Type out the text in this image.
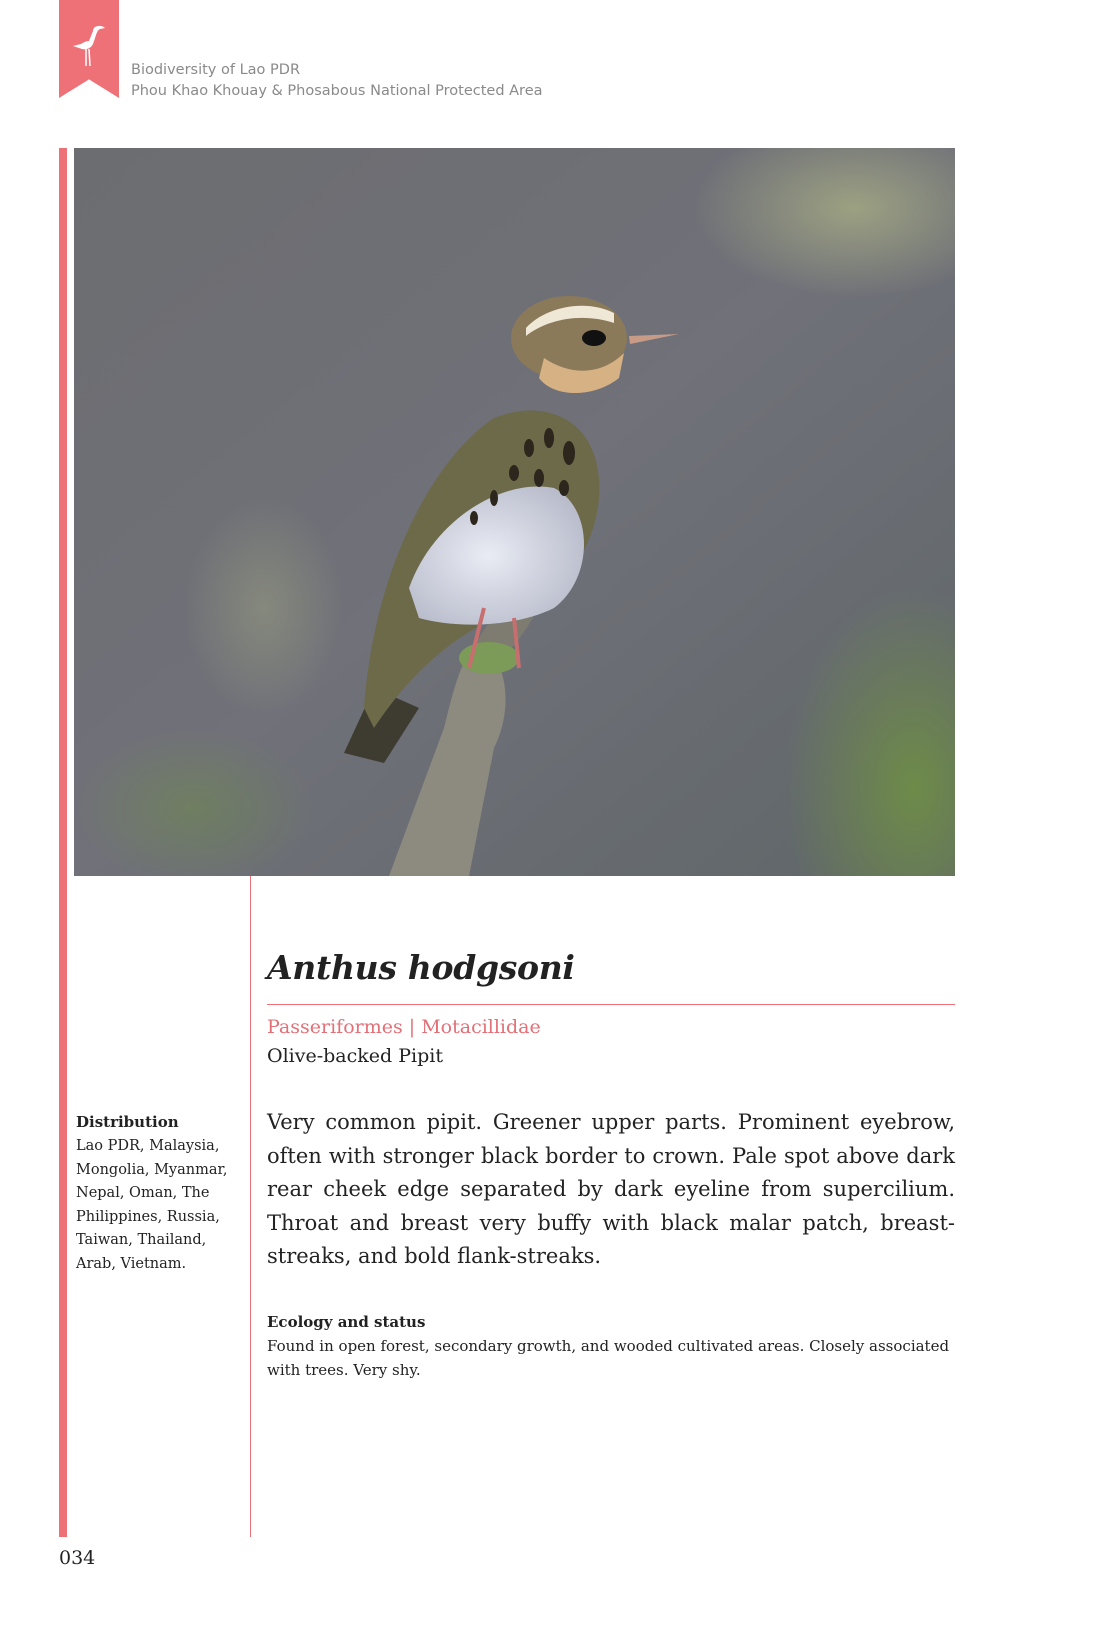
Biodiversity of Lao PDR
Phou Khao Khouay & Phosabous National Protected Area
Anthus hodgsoni
Passeriformes | Motacillidae
Olive-backed Pipit
Distribution
Lao PDR, Malaysia, Mongolia, Myanmar, Nepal, Oman, The Philippines, Russia, Taiwan, Thailand, Arab, Vietnam.

Very common pipit. Greener upper parts. Prominent eyebrow, often with stronger black border to crown. Pale spot above dark rear cheek edge separated by dark eyeline from supercilium. Throat and breast very buffy with black malar patch, breast-streaks, and bold flank-streaks.

Ecology and status

Found in open forest, secondary growth, and wooded cultivated areas. Closely associated with trees. Very shy.

034
